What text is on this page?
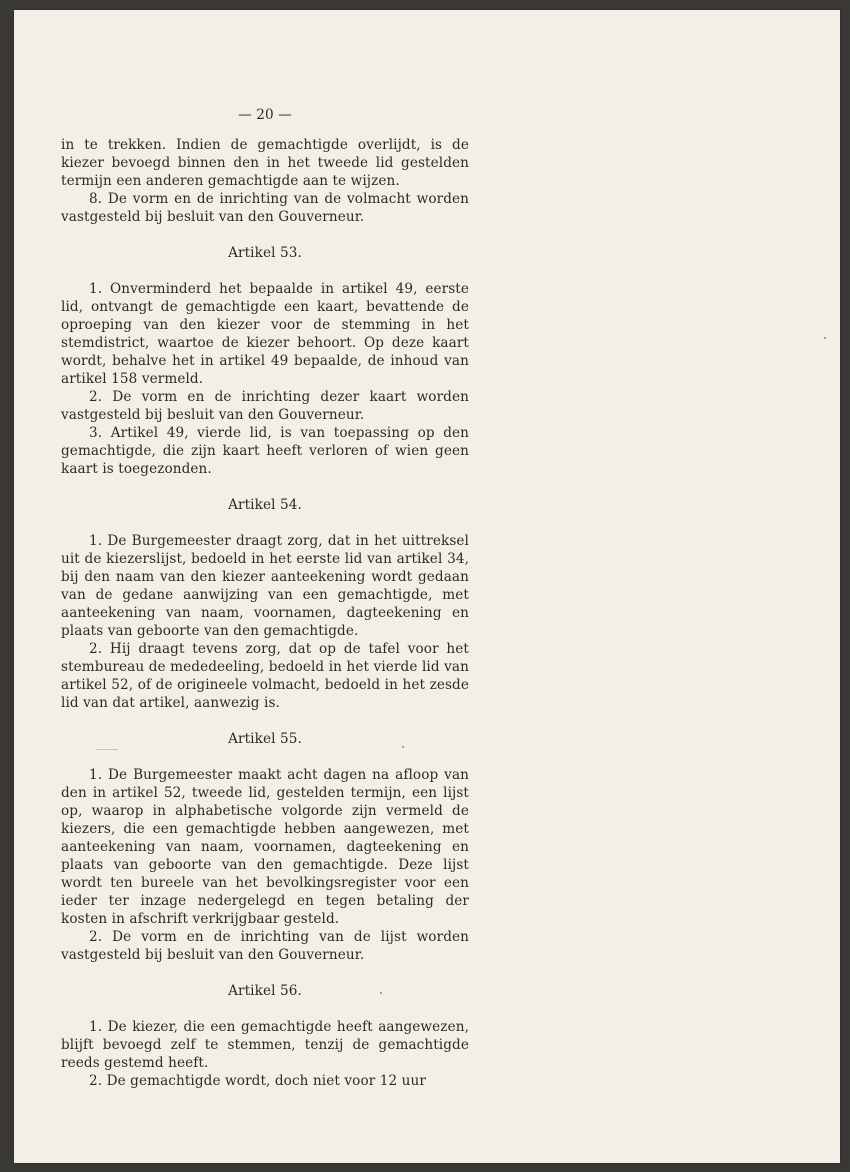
— 20 —

in te trekken. Indien de gemachtigde overlijdt, is de kiezer bevoegd binnen den in het tweede lid gestelden termijn een anderen gemachtigde aan te wijzen.

8. De vorm en de inrichting van de volmacht worden vastgesteld bij besluit van den Gouverneur.

Artikel 53.

1. Onverminderd het bepaalde in artikel 49, eerste lid, ontvangt de gemachtigde een kaart, bevattende de oproeping van den kiezer voor de stemming in het stemdistrict, waartoe de kiezer behoort. Op deze kaart wordt, behalve het in artikel 49 bepaalde, de inhoud van artikel 158 vermeld.

2. De vorm en de inrichting dezer kaart worden vastgesteld bij besluit van den Gouverneur.

3. Artikel 49, vierde lid, is van toepassing op den gemachtigde, die zijn kaart heeft verloren of wien geen kaart is toegezonden.

Artikel 54.

1. De Burgemeester draagt zorg, dat in het uittreksel uit de kiezerslijst, bedoeld in het eerste lid van artikel 34, bij den naam van den kiezer aanteekening wordt gedaan van de gedane aanwijzing van een gemachtigde, met aanteekening van naam, voornamen, dagteekening en plaats van geboorte van den gemachtigde.

2. Hij draagt tevens zorg, dat op de tafel voor het stembureau de mededeeling, bedoeld in het vierde lid van artikel 52, of de origineele volmacht, bedoeld in het zesde lid van dat artikel, aanwezig is.

Artikel 55.

1. De Burgemeester maakt acht dagen na afloop van den in artikel 52, tweede lid, gestelden termijn, een lijst op, waarop in alphabetische volgorde zijn vermeld de kiezers, die een gemachtigde hebben aangewezen, met aanteekening van naam, voornamen, dagteekening en plaats van geboorte van den gemachtigde. Deze lijst wordt ten bureele van het bevolkingsregister voor een ieder ter inzage nedergelegd en tegen betaling der kosten in afschrift verkrijgbaar gesteld.

2. De vorm en de inrichting van de lijst worden vastgesteld bij besluit van den Gouverneur.

Artikel 56.

1. De kiezer, die een gemachtigde heeft aangewezen, blijft bevoegd zelf te stemmen, tenzij de gemachtigde reeds gestemd heeft.

2. De gemachtigde wordt, doch niet voor 12 uur
